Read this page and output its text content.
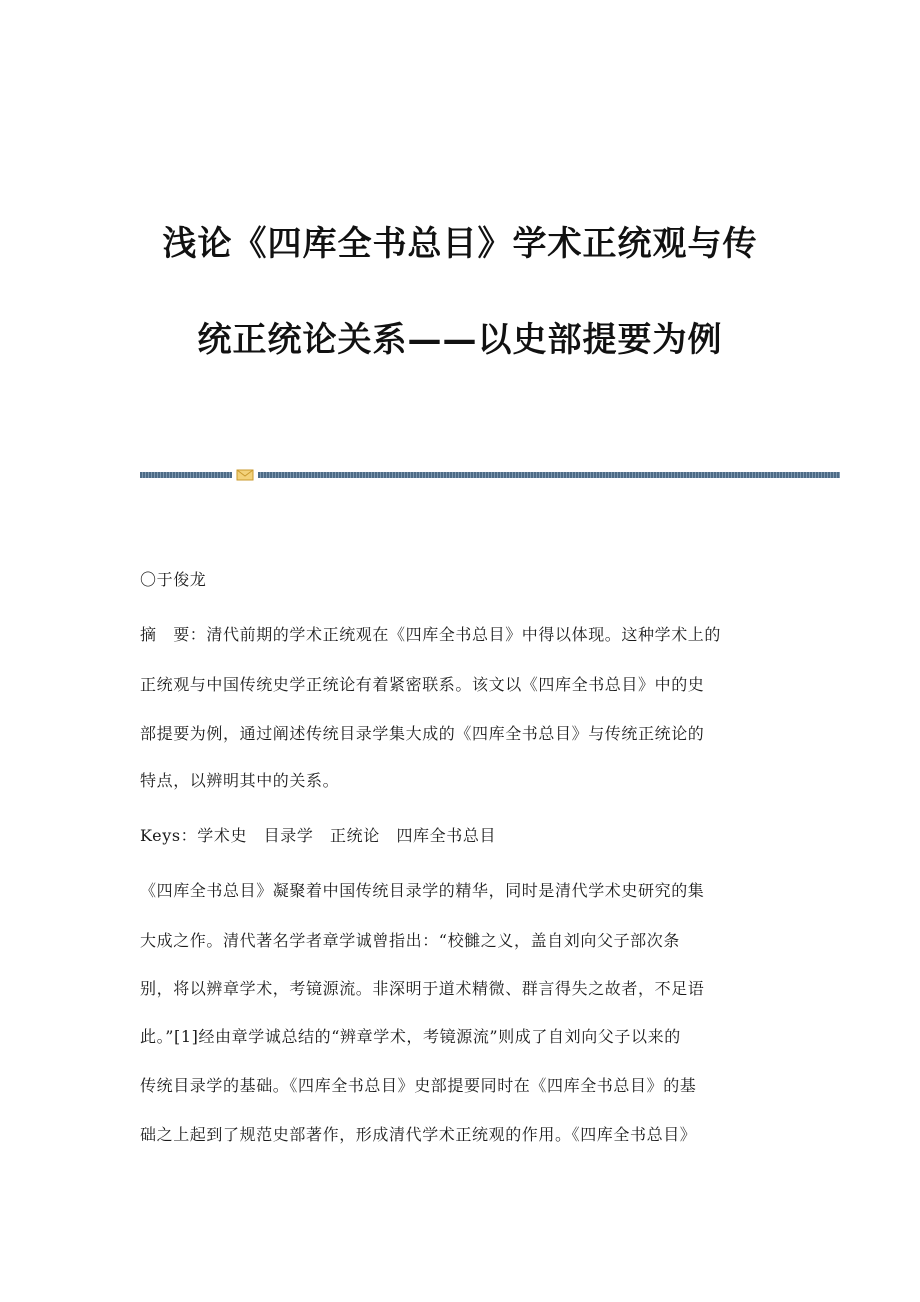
浅论《四库全书总目》学术正统观与传
统正统论关系——以史部提要为例
〇于俊龙
摘　要：清代前期的学术正统观在《四库全书总目》中得以体现。这种学术上的
正统观与中国传统史学正统论有着紧密联系。该文以《四库全书总目》中的史
部提要为例，通过阐述传统目录学集大成的《四库全书总目》与传统正统论的
特点，以辨明其中的关系。
Keys：学术史　目录学　正统论　四库全书总目
《四库全书总目》凝聚着中国传统目录学的精华，同时是清代学术史研究的集
大成之作。清代著名学者章学诚曾指出：“校雠之义，盖自刘向父子部次条
别，将以辨章学术，考镜源流。非深明于道术精微、群言得失之故者，不足语
此。”[1]经由章学诚总结的“辨章学术，考镜源流”则成了自刘向父子以来的
传统目录学的基础。《四库全书总目》史部提要同时在《四库全书总目》的基
础之上起到了规范史部著作，形成清代学术正统观的作用。《四库全书总目》
